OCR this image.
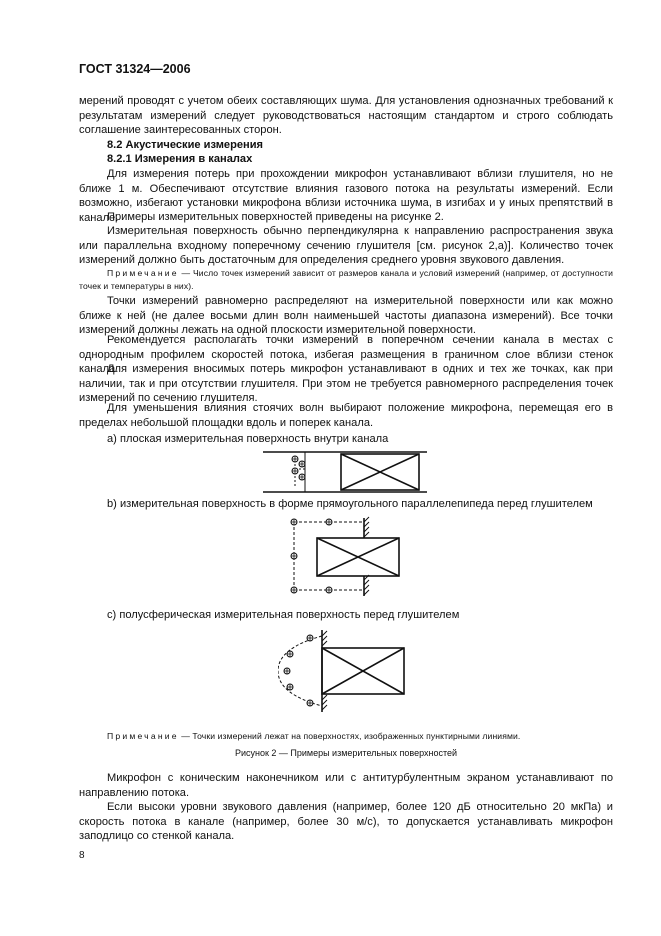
ГОСТ 31324—2006
мерений проводят с учетом обеих составляющих шума. Для установления однозначных требований к результатам измерений следует руководствоваться настоящим стандартом и строго соблюдать соглашение заинтересованных сторон.
8.2 Акустические измерения
8.2.1 Измерения в каналах
Для измерения потерь при прохождении микрофон устанавливают вблизи глушителя, но не ближе 1 м. Обеспечивают отсутствие влияния газового потока на результаты измерений. Если возможно, избегают установки микрофона вблизи источника шума, в изгибах и у иных препятствий в канале.
Примеры измерительных поверхностей приведены на рисунке 2.
Измерительная поверхность обычно перпендикулярна к направлению распространения звука или параллельна входному поперечному сечению глушителя [см. рисунок 2,а)]. Количество точек измерений должно быть достаточным для определения среднего уровня звукового давления.
Примечание — Число точек измерений зависит от размеров канала и условий измерений (например, от доступности точек и температуры в них).
Точки измерений равномерно распределяют на измерительной поверхности или как можно ближе к ней (не далее восьми длин волн наименьшей частоты диапазона измерений). Все точки измерений должны лежать на одной плоскости измерительной поверхности.
Рекомендуется располагать точки измерений в поперечном сечении канала в местах с однородным профилем скоростей потока, избегая размещения в граничном слое вблизи стенок канала.
Для измерения вносимых потерь микрофон устанавливают в одних и тех же точках, как при наличии, так и при отсутствии глушителя. При этом не требуется равномерного распределения точек измерений по сечению глушителя.
Для уменьшения влияния стоячих волн выбирают положение микрофона, перемещая его в пределах небольшой площадки вдоль и поперек канала.
а) плоская измерительная поверхность внутри канала
b) измерительная поверхность в форме прямоугольного параллелепипеда перед глушителем
с) полусферическая измерительная поверхность перед глушителем
Примечание — Точки измерений лежат на поверхностях, изображенных пунктирными линиями.
Рисунок 2 — Примеры измерительных поверхностей
Микрофон с коническим наконечником или с антитурбулентным экраном устанавливают по направлению потока.
Если высоки уровни звукового давления (например, более 120 дБ относительно 20 мкПа) и скорость потока в канале (например, более 30 м/с), то допускается устанавливать микрофон заподлицо со стенкой канала.
8
